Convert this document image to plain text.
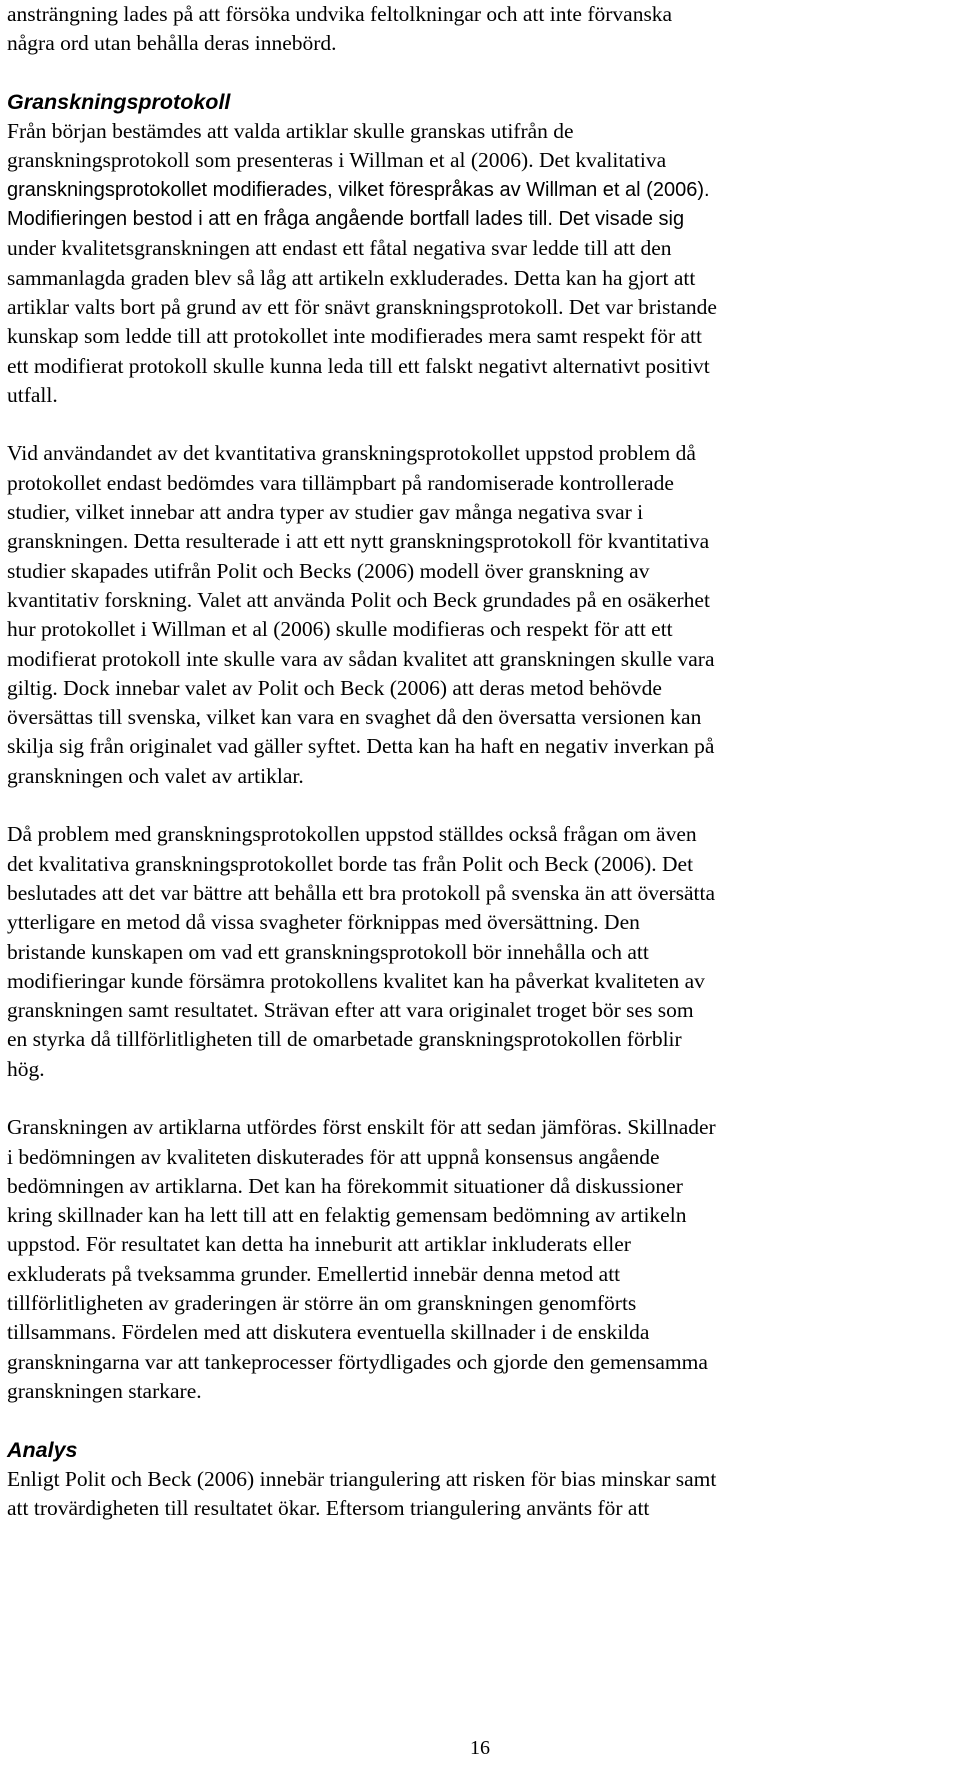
ansträngning lades på att försöka undvika feltolkningar och att inte förvanska
några ord utan behålla deras innebörd.

Granskningsprotokoll

Från början bestämdes att valda artiklar skulle granskas utifrån de
granskningsprotokoll som presenteras i Willman et al (2006). Det kvalitativa
granskningsprotokollet modifierades, vilket förespråkas av Willman et al (2006).
Modifieringen bestod i att en fråga angående bortfall lades till. Det visade sig
under kvalitetsgranskningen att endast ett fåtal negativa svar ledde till att den
sammanlagda graden blev så låg att artikeln exkluderades. Detta kan ha gjort att
artiklar valts bort på grund av ett för snävt granskningsprotokoll. Det var bristande
kunskap som ledde till att protokollet inte modifierades mera samt respekt för att
ett modifierat protokoll skulle kunna leda till ett falskt negativt alternativt positivt
utfall.

Vid användandet av det kvantitativa granskningsprotokollet uppstod problem då
protokollet endast bedömdes vara tillämpbart på randomiserade kontrollerade
studier, vilket innebar att andra typer av studier gav många negativa svar i
granskningen. Detta resulterade i att ett nytt granskningsprotokoll för kvantitativa
studier skapades utifrån Polit och Becks (2006) modell över granskning av
kvantitativ forskning. Valet att använda Polit och Beck grundades på en osäkerhet
hur protokollet i Willman et al (2006) skulle modifieras och respekt för att ett
modifierat protokoll inte skulle vara av sådan kvalitet att granskningen skulle vara
giltig. Dock innebar valet av Polit och Beck (2006) att deras metod behövde
översättas till svenska, vilket kan vara en svaghet då den översatta versionen kan
skilja sig från originalet vad gäller syftet. Detta kan ha haft en negativ inverkan på
granskningen och valet av artiklar.

Då problem med granskningsprotokollen uppstod ställdes också frågan om även
det kvalitativa granskningsprotokollet borde tas från Polit och Beck (2006). Det
beslutades att det var bättre att behålla ett bra protokoll på svenska än att översätta
ytterligare en metod då vissa svagheter förknippas med översättning. Den
bristande kunskapen om vad ett granskningsprotokoll bör innehålla och att
modifieringar kunde försämra protokollens kvalitet kan ha påverkat kvaliteten av
granskningen samt resultatet. Strävan efter att vara originalet troget bör ses som
en styrka då tillförlitligheten till de omarbetade granskningsprotokollen förblir
hög.

Granskningen av artiklarna utfördes först enskilt för att sedan jämföras. Skillnader
i bedömningen av kvaliteten diskuterades för att uppnå konsensus angående
bedömningen av artiklarna. Det kan ha förekommit situationer då diskussioner
kring skillnader kan ha lett till att en felaktig gemensam bedömning av artikeln
uppstod. För resultatet kan detta ha inneburit att artiklar inkluderats eller
exkluderats på tveksamma grunder. Emellertid innebär denna metod att
tillförlitligheten av graderingen är större än om granskningen genomförts
tillsammans. Fördelen med att diskutera eventuella skillnader i de enskilda
granskningarna var att tankeprocesser förtydligades och gjorde den gemensamma
granskningen starkare.

Analys

Enligt Polit och Beck (2006) innebär triangulering att risken för bias minskar samt
att trovärdigheten till resultatet ökar. Eftersom triangulering använts för att

16
